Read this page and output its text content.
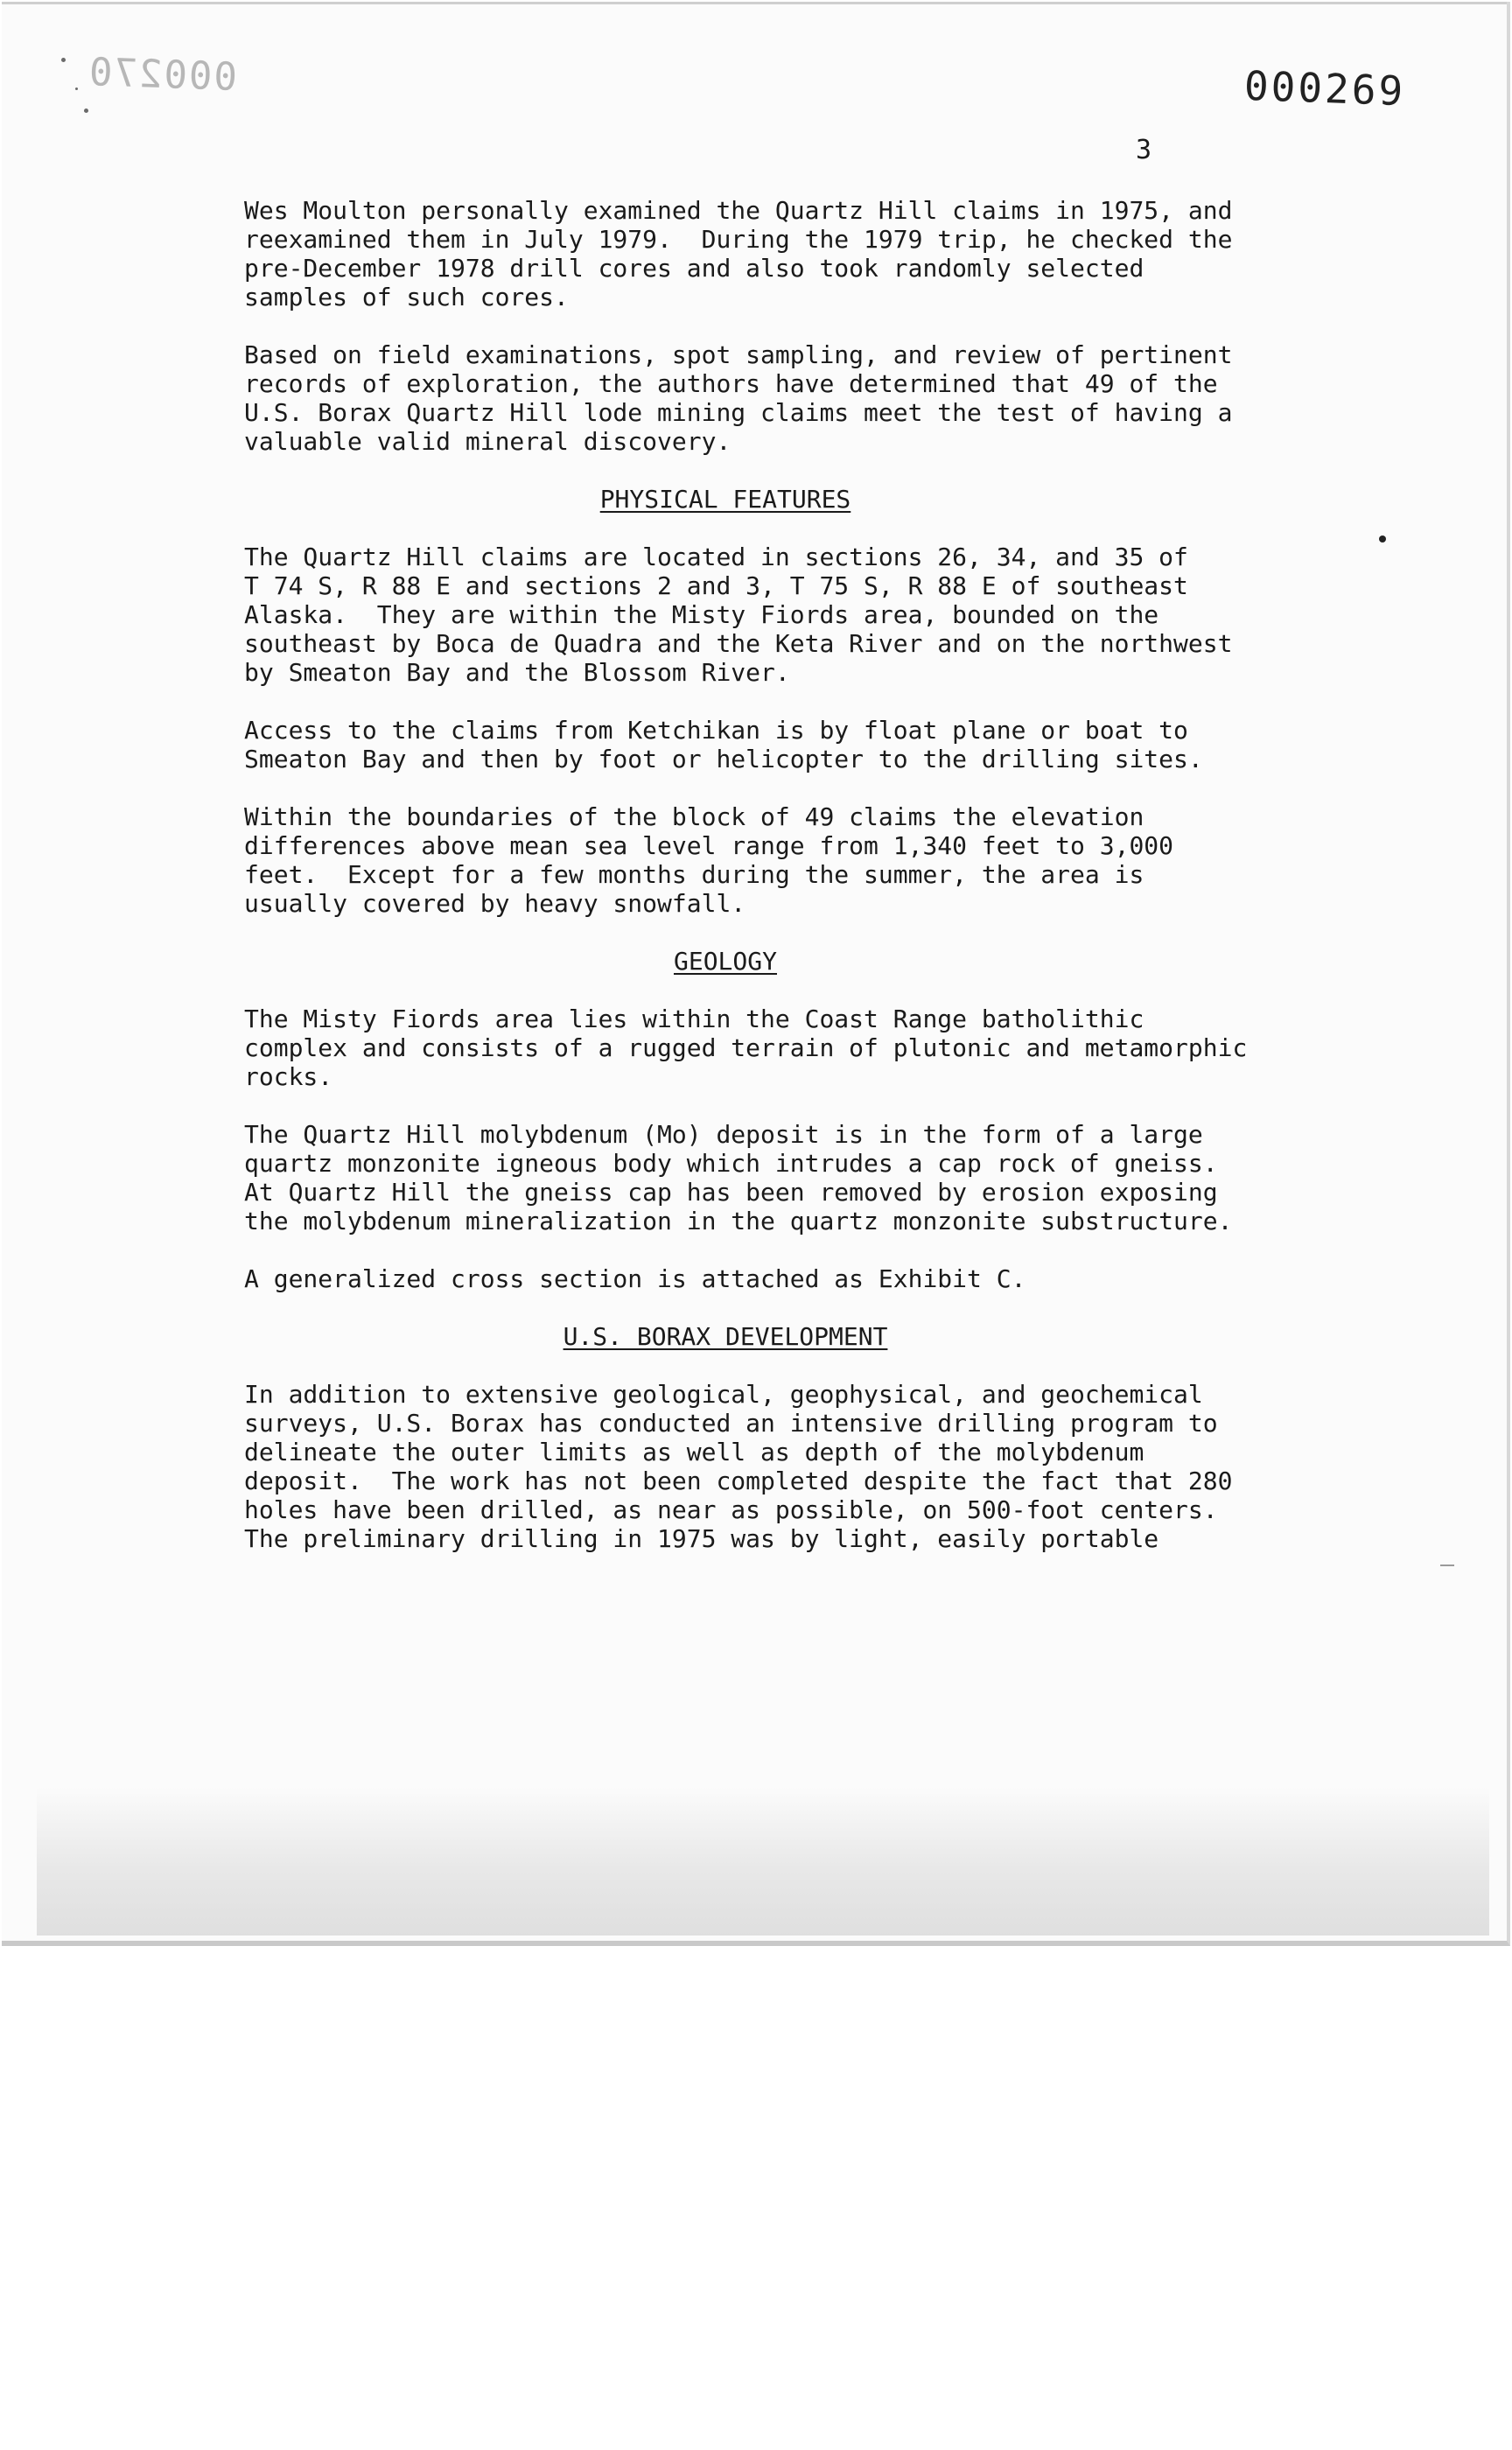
000270	000269
3

Wes Moulton personally examined the Quartz Hill claims in 1975, and
reexamined them in July 1979.  During the 1979 trip, he checked the
pre-December 1978 drill cores and also took randomly selected
samples of such cores.

Based on field examinations, spot sampling, and review of pertinent
records of exploration, the authors have determined that 49 of the
U.S. Borax Quartz Hill lode mining claims meet the test of having a
valuable valid mineral discovery.

PHYSICAL FEATURES

The Quartz Hill claims are located in sections 26, 34, and 35 of
T 74 S, R 88 E and sections 2 and 3, T 75 S, R 88 E of southeast
Alaska.  They are within the Misty Fiords area, bounded on the
southeast by Boca de Quadra and the Keta River and on the northwest
by Smeaton Bay and the Blossom River.

Access to the claims from Ketchikan is by float plane or boat to
Smeaton Bay and then by foot or helicopter to the drilling sites.

Within the boundaries of the block of 49 claims the elevation
differences above mean sea level range from 1,340 feet to 3,000
feet.  Except for a few months during the summer, the area is
usually covered by heavy snowfall.

GEOLOGY

The Misty Fiords area lies within the Coast Range batholithic
complex and consists of a rugged terrain of plutonic and metamorphic
rocks.

The Quartz Hill molybdenum (Mo) deposit is in the form of a large
quartz monzonite igneous body which intrudes a cap rock of gneiss.
At Quartz Hill the gneiss cap has been removed by erosion exposing
the molybdenum mineralization in the quartz monzonite substructure.

A generalized cross section is attached as Exhibit C.

U.S. BORAX DEVELOPMENT

In addition to extensive geological, geophysical, and geochemical
surveys, U.S. Borax has conducted an intensive drilling program to
delineate the outer limits as well as depth of the molybdenum
deposit.  The work has not been completed despite the fact that 280
holes have been drilled, as near as possible, on 500-foot centers.
The preliminary drilling in 1975 was by light, easily portable
